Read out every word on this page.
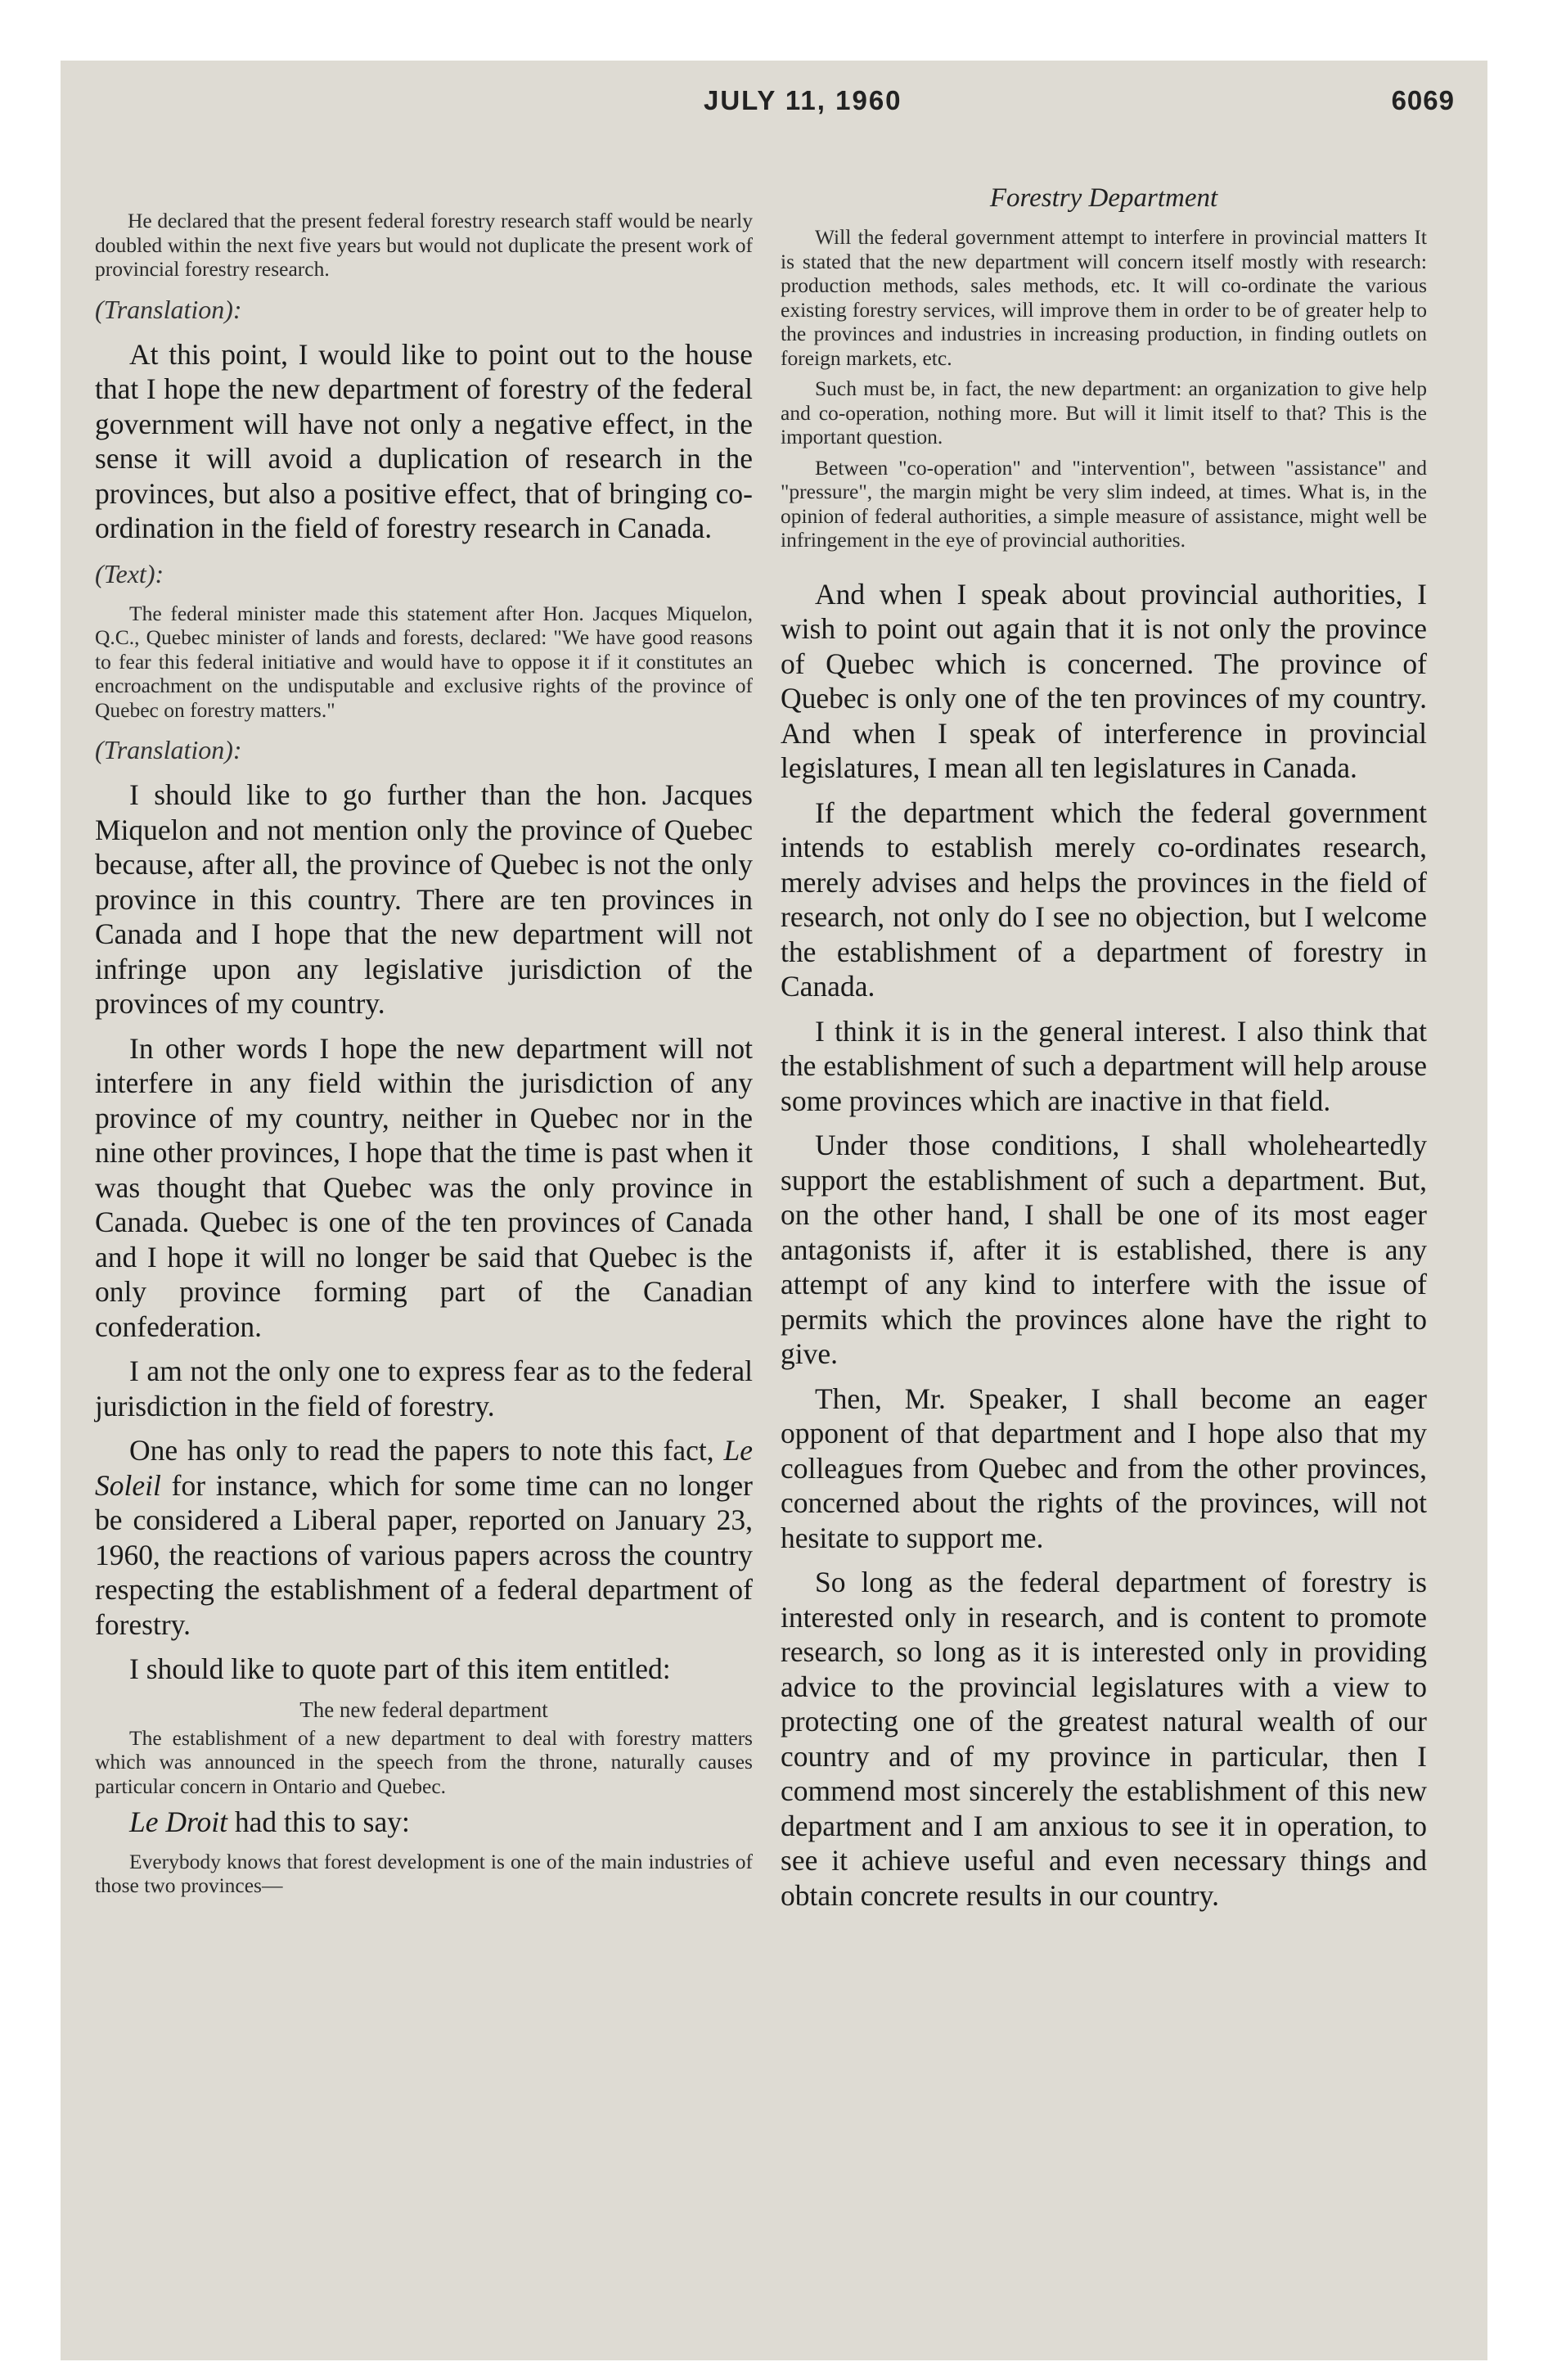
JULY 11, 1960	6069

He declared that the present federal forestry research staff would be nearly doubled within the next five years but would not duplicate the present work of provincial forestry research.

(Translation):

At this point, I would like to point out to the house that I hope the new department of forestry of the federal government will have not only a negative effect, in the sense it will avoid a duplication of research in the provinces, but also a positive effect, that of bringing co-ordination in the field of forestry research in Canada.

(Text):

The federal minister made this statement after Hon. Jacques Miquelon, Q.C., Quebec minister of lands and forests, declared: "We have good reasons to fear this federal initiative and would have to oppose it if it constitutes an encroachment on the undisputable and exclusive rights of the province of Quebec on forestry matters."

(Translation):

I should like to go further than the hon. Jacques Miquelon and not mention only the province of Quebec because, after all, the province of Quebec is not the only province in this country. There are ten provinces in Canada and I hope that the new department will not infringe upon any legislative jurisdiction of the provinces of my country.

In other words I hope the new department will not interfere in any field within the jurisdiction of any province of my country, neither in Quebec nor in the nine other provinces, I hope that the time is past when it was thought that Quebec was the only province in Canada. Quebec is one of the ten provinces of Canada and I hope it will no longer be said that Quebec is the only province forming part of the Canadian confederation.

I am not the only one to express fear as to the federal jurisdiction in the field of forestry.

One has only to read the papers to note this fact, Le Soleil for instance, which for some time can no longer be considered a Liberal paper, reported on January 23, 1960, the reactions of various papers across the country respecting the establishment of a federal department of forestry.

I should like to quote part of this item entitled:

The new federal department

The establishment of a new department to deal with forestry matters which was announced in the speech from the throne, naturally causes particular concern in Ontario and Quebec.

Le Droit had this to say:

Everybody knows that forest development is one of the main industries of those two provinces—

Forestry Department

Will the federal government attempt to interfere in provincial matters It is stated that the new department will concern itself mostly with research: production methods, sales methods, etc. It will co-ordinate the various existing forestry services, will improve them in order to be of greater help to the provinces and industries in increasing production, in finding outlets on foreign markets, etc.

Such must be, in fact, the new department: an organization to give help and co-operation, nothing more. But will it limit itself to that? This is the important question.

Between "co-operation" and "intervention", between "assistance" and "pressure", the margin might be very slim indeed, at times. What is, in the opinion of federal authorities, a simple measure of assistance, might well be infringement in the eye of provincial authorities.

And when I speak about provincial authorities, I wish to point out again that it is not only the province of Quebec which is concerned. The province of Quebec is only one of the ten provinces of my country. And when I speak of interference in provincial legislatures, I mean all ten legislatures in Canada.

If the department which the federal government intends to establish merely co-ordinates research, merely advises and helps the provinces in the field of research, not only do I see no objection, but I welcome the establishment of a department of forestry in Canada.

I think it is in the general interest. I also think that the establishment of such a department will help arouse some provinces which are inactive in that field.

Under those conditions, I shall wholeheartedly support the establishment of such a department. But, on the other hand, I shall be one of its most eager antagonists if, after it is established, there is any attempt of any kind to interfere with the issue of permits which the provinces alone have the right to give.

Then, Mr. Speaker, I shall become an eager opponent of that department and I hope also that my colleagues from Quebec and from the other provinces, concerned about the rights of the provinces, will not hesitate to support me.

So long as the federal department of forestry is interested only in research, and is content to promote research, so long as it is interested only in providing advice to the provincial legislatures with a view to protecting one of the greatest natural wealth of our country and of my province in particular, then I commend most sincerely the establishment of this new department and I am anxious to see it in operation, to see it achieve useful and even necessary things and obtain concrete results in our country.
